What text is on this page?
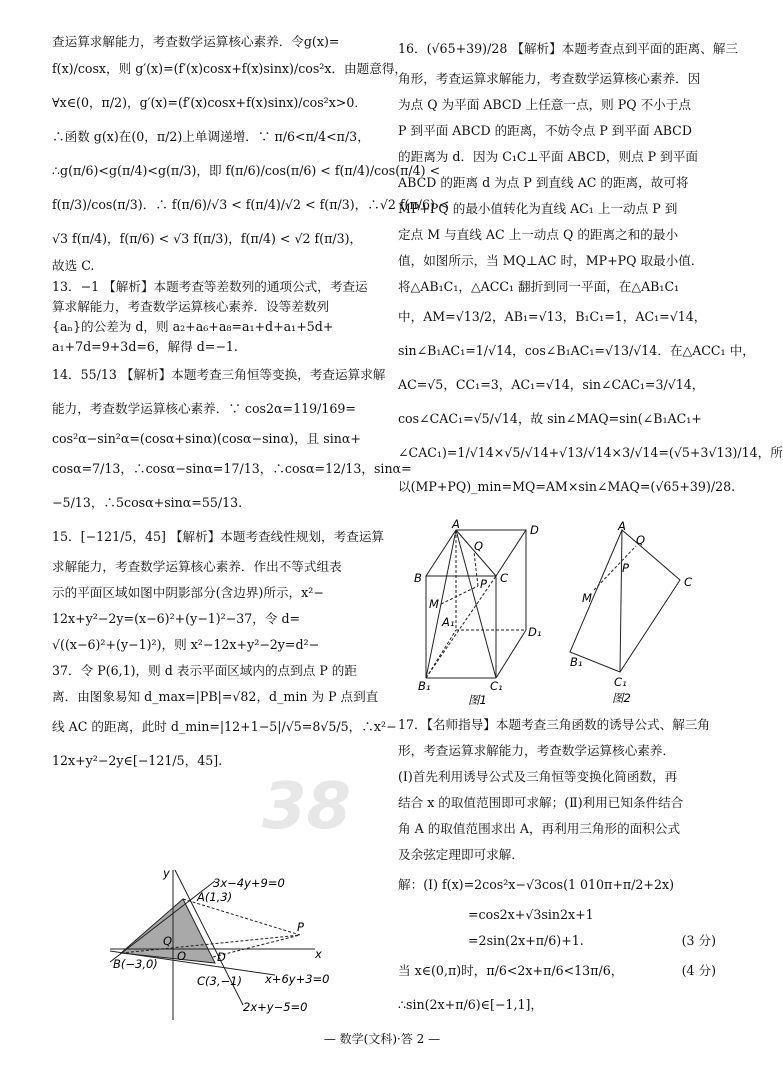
查运算求解能力，考查数学运算核心素养．令g(x)=
f(x)/cosx，则 g′(x)=(f′(x)cosx+f(x)sinx)/cos²x．由题意得，
∀x∈(0，π/2)，g′(x)=(f′(x)cosx+f(x)sinx)/cos²x>0．
∴函数 g(x)在(0，π/2)上单调递增．∵ π/6<π/4<π/3，
∴g(π/6)<g(π/4)<g(π/3)，即 f(π/6)/cos(π/6) < f(π/4)/cos(π/4) <
f(π/3)/cos(π/3)．∴ f(π/6)/√3 < f(π/4)/√2 < f(π/3)，∴√2 f(π/6) <
√3 f(π/4)，f(π/6) < √3 f(π/3)，f(π/4) < √2 f(π/3)，
故选 C.
13．−1 【解析】本题考查等差数列的通项公式，考查运
算求解能力，考查数学运算核心素养．设等差数列
{aₙ}的公差为 d，则 a₂+a₆+a₈=a₁+d+a₁+5d+
a₁+7d=9+3d=6，解得 d=−1.
14．55/13 【解析】本题考查三角恒等变换，考查运算求解
能力，考查数学运算核心素养．∵ cos2α=119/169=
cos²α−sin²α=(cosα+sinα)(cosα−sinα)，且 sinα+
cosα=7/13，∴cosα−sinα=17/13，∴cosα=12/13，sinα=
−5/13，∴5cosα+sinα=55/13.
15．[−121/5，45] 【解析】本题考查线性规划，考查运算
求解能力，考查数学运算核心素养．作出不等式组表
示的平面区域如图中阴影部分(含边界)所示，x²−
12x+y²−2y=(x−6)²+(y−1)²−37，令 d=
√((x−6)²+(y−1)²)，则 x²−12x+y²−2y=d²−
37．令 P(6,1)，则 d 表示平面区域内的点到点 P 的距
离．由图象易知 d_max=|PB|=√82，d_min 为 P 点到直
线 AC 的距离，此时 d_min=|12+1−5|/√5=8√5/5，∴x²−
12x+y²−2y∈[−121/5，45].
x
y
O
3x−4y+9=0
x+6y+3=0
2x+y−5=0
A(1,3)
B(−3,0)
C(3,−1)
D
P
Q
16．(√65+39)/28 【解析】本题考查点到平面的距离、解三
角形，考查运算求解能力，考查数学运算核心素养．因
为点 Q 为平面 ABCD 上任意一点，则 PQ 不小于点
P 到平面 ABCD 的距离，不妨令点 P 到平面 ABCD
的距离为 d．因为 C₁C⊥平面 ABCD，则点 P 到平面
ABCD 的距离 d 为点 P 到直线 AC 的距离，故可将
MP+PQ 的最小值转化为直线 AC₁ 上一动点 P 到
定点 M 与直线 AC 上一动点 Q 的距离之和的最小
值，如图所示，当 MQ⊥AC 时，MP+PQ 取最小值．
将△AB₁C₁，△ACC₁ 翻折到同一平面，在△AB₁C₁
中，AM=√13/2，AB₁=√13，B₁C₁=1，AC₁=√14，
sin∠B₁AC₁=1/√14，cos∠B₁AC₁=√13/√14．在△ACC₁ 中，
AC=√5，CC₁=3，AC₁=√14，sin∠CAC₁=3/√14，
cos∠CAC₁=√5/√14，故 sin∠MAQ=sin(∠B₁AC₁+
∠CAC₁)=1/√14×√5/√14+√13/√14×3/√14=(√5+3√13)/14，所
以(MP+PQ)_min=MQ=AM×sin∠MAQ=(√65+39)/28.
A
B	C
D
Q
P
M
A₁
B₁	C₁
D₁
图1
A
Q
P
C
M
B₁
C₁
图2
17．【名师指导】本题考查三角函数的诱导公式、解三角
形，考查运算求解能力，考查数学运算核心素养．
(Ⅰ)首先利用诱导公式及三角恒等变换化简函数，再
结合 x 的取值范围即可求解；(Ⅱ)利用已知条件结合
角 A 的取值范围求出 A，再利用三角形的面积公式
及余弦定理即可求解．
解：(Ⅰ) f(x)=2cos²x−√3cos(1 010π+π/2+2x)
=cos2x+√3sin2x+1
=2sin(2x+π/6)+1.	(3 分)
当 x∈(0,π)时，π/6<2x+π/6<13π/6，	(4 分)
∴sin(2x+π/6)∈[−1,1]，
38
— 数学(文科)·答 2 —
